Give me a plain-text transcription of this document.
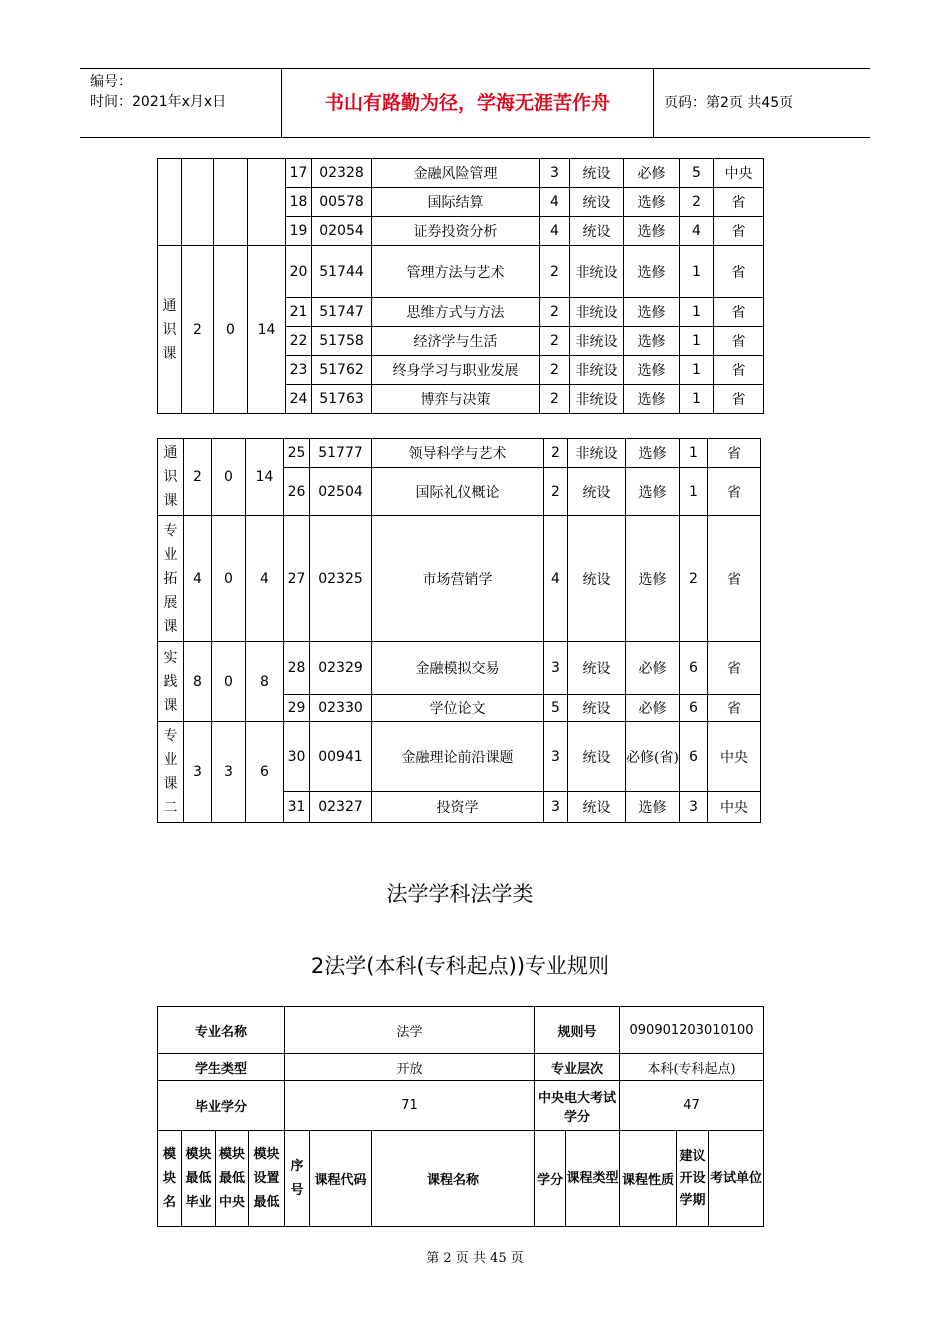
编号：
时间：2021年x月x日	书山有路勤为径，学海无涯苦作舟	页码：第2页 共45页
				17	02328	金融风险管理	3	统设	必修	5	中央
				18	00578	国际结算	4	统设	选修	2	省
				19	02054	证券投资分析	4	统设	选修	4	省
通识课	2	0	14	20	51744	管理方法与艺术	2	非统设	选修	1	省
				21	51747	思维方式与方法	2	非统设	选修	1	省
				22	51758	经济学与生活	2	非统设	选修	1	省
				23	51762	终身学习与职业发展	2	非统设	选修	1	省
				24	51763	博弈与决策	2	非统设	选修	1	省
通识课	2	0	14	25	51777	领导科学与艺术	2	非统设	选修	1	省
				26	02504	国际礼仪概论	2	统设	选修	1	省
专业拓展课	4	0	4	27	02325	市场营销学	4	统设	选修	2	省
实践课	8	0	8	28	02329	金融模拟交易	3	统设	必修	6	省
				29	02330	学位论文	5	统设	必修	6	省
专业课二	3	3	6	30	00941	金融理论前沿课题	3	统设	必修(省)	6	中央
				31	02327	投资学	3	统设	选修	3	中央
法学学科法学类
2法学(本科(专科起点))专业规则
专业名称				法学			规则号		090901203010100		
学生类型				开放			专业层次		本科(专科起点)		
毕业学分				71			中央电大考试学分		47		
模块名	模块最低毕业	模块最低中央	模块设置最低	序号	课程代码	课程名称	学分	课程类型	课程性质	建议开设学期	考试单位
第 2 页 共 45 页
